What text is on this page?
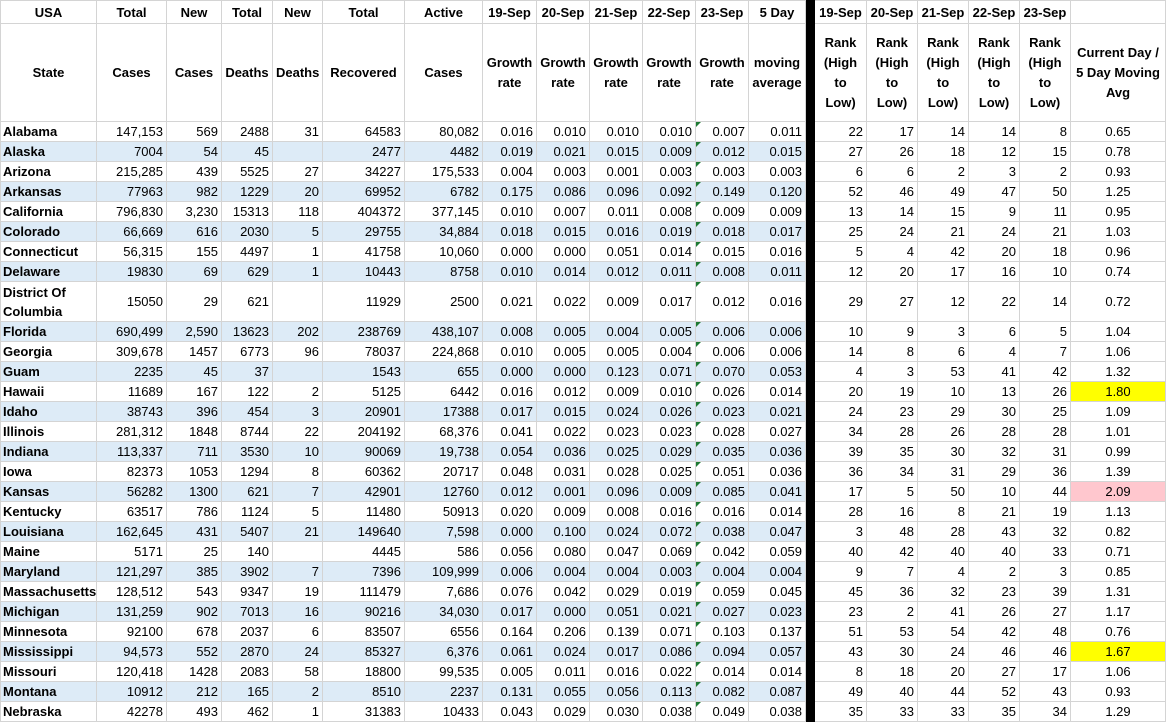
USA	Total	New	Total	New	Total	Active	19-Sep	20-Sep	21-Sep	22-Sep	23-Sep	5 Day		19-Sep	20-Sep	21-Sep	22-Sep	23-Sep	
State	Cases	Cases	Deaths	Deaths	Recovered	Cases	Growth rate	Growth rate	Growth rate	Growth rate	Growth rate	moving average		Rank (High to Low)	Rank (High to Low)	Rank (High to Low)	Rank (High to Low)	Rank (High to Low)	Current Day / 5 Day Moving Avg
Alabama	147,153	569	2488	31	64583	80,082	0.016	0.010	0.010	0.010	0.007	0.011		22	17	14	14	8	0.65
Alaska	7004	54	45		2477	4482	0.019	0.021	0.015	0.009	0.012	0.015		27	26	18	12	15	0.78
Arizona	215,285	439	5525	27	34227	175,533	0.004	0.003	0.001	0.003	0.003	0.003		6	6	2	3	2	0.93
Arkansas	77963	982	1229	20	69952	6782	0.175	0.086	0.096	0.092	0.149	0.120		52	46	49	47	50	1.25
California	796,830	3,230	15313	118	404372	377,145	0.010	0.007	0.011	0.008	0.009	0.009		13	14	15	9	11	0.95
Colorado	66,669	616	2030	5	29755	34,884	0.018	0.015	0.016	0.019	0.018	0.017		25	24	21	24	21	1.03
Connecticut	56,315	155	4497	1	41758	10,060	0.000	0.000	0.051	0.014	0.015	0.016		5	4	42	20	18	0.96
Delaware	19830	69	629	1	10443	8758	0.010	0.014	0.012	0.011	0.008	0.011		12	20	17	16	10	0.74
District Of Columbia	15050	29	621		11929	2500	0.021	0.022	0.009	0.017	0.012	0.016		29	27	12	22	14	0.72
Florida	690,499	2,590	13623	202	238769	438,107	0.008	0.005	0.004	0.005	0.006	0.006		10	9	3	6	5	1.04
Georgia	309,678	1457	6773	96	78037	224,868	0.010	0.005	0.005	0.004	0.006	0.006		14	8	6	4	7	1.06
Guam	2235	45	37		1543	655	0.000	0.000	0.123	0.071	0.070	0.053		4	3	53	41	42	1.32
Hawaii	11689	167	122	2	5125	6442	0.016	0.012	0.009	0.010	0.026	0.014		20	19	10	13	26	1.80
Idaho	38743	396	454	3	20901	17388	0.017	0.015	0.024	0.026	0.023	0.021		24	23	29	30	25	1.09
Illinois	281,312	1848	8744	22	204192	68,376	0.041	0.022	0.023	0.023	0.028	0.027		34	28	26	28	28	1.01
Indiana	113,337	711	3530	10	90069	19,738	0.054	0.036	0.025	0.029	0.035	0.036		39	35	30	32	31	0.99
Iowa	82373	1053	1294	8	60362	20717	0.048	0.031	0.028	0.025	0.051	0.036		36	34	31	29	36	1.39
Kansas	56282	1300	621	7	42901	12760	0.012	0.001	0.096	0.009	0.085	0.041		17	5	50	10	44	2.09
Kentucky	63517	786	1124	5	11480	50913	0.020	0.009	0.008	0.016	0.016	0.014		28	16	8	21	19	1.13
Louisiana	162,645	431	5407	21	149640	7,598	0.000	0.100	0.024	0.072	0.038	0.047		3	48	28	43	32	0.82
Maine	5171	25	140		4445	586	0.056	0.080	0.047	0.069	0.042	0.059		40	42	40	40	33	0.71
Maryland	121,297	385	3902	7	7396	109,999	0.006	0.004	0.004	0.003	0.004	0.004		9	7	4	2	3	0.85
Massachusetts	128,512	543	9347	19	111479	7,686	0.076	0.042	0.029	0.019	0.059	0.045		45	36	32	23	39	1.31
Michigan	131,259	902	7013	16	90216	34,030	0.017	0.000	0.051	0.021	0.027	0.023		23	2	41	26	27	1.17
Minnesota	92100	678	2037	6	83507	6556	0.164	0.206	0.139	0.071	0.103	0.137		51	53	54	42	48	0.76
Mississippi	94,573	552	2870	24	85327	6,376	0.061	0.024	0.017	0.086	0.094	0.057		43	30	24	46	46	1.67
Missouri	120,418	1428	2083	58	18800	99,535	0.005	0.011	0.016	0.022	0.014	0.014		8	18	20	27	17	1.06
Montana	10912	212	165	2	8510	2237	0.131	0.055	0.056	0.113	0.082	0.087		49	40	44	52	43	0.93
Nebraska	42278	493	462	1	31383	10433	0.043	0.029	0.030	0.038	0.049	0.038		35	33	33	35	34	1.29
